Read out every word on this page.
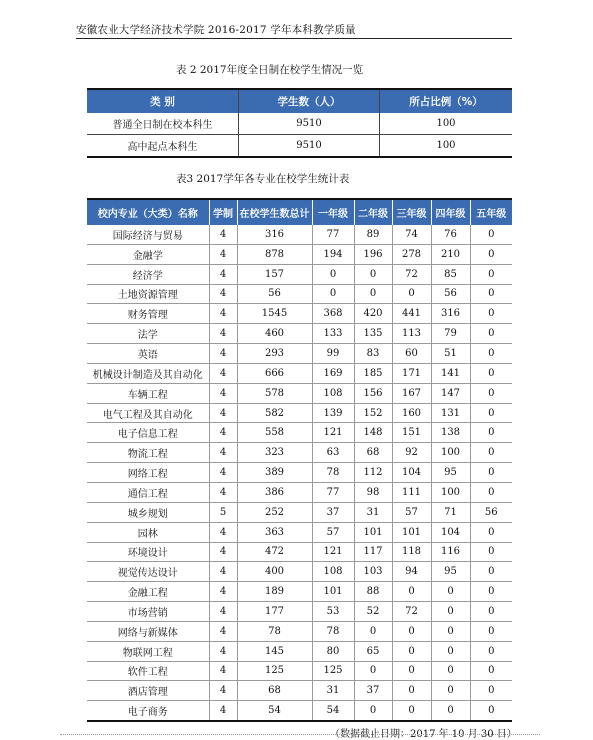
安徽农业大学经济技术学院 2016-2017 学年本科教学质量
表 2 2017年度全日制在校学生情况一览
类 别	学生数（人）	所占比例（%）
普通全日制在校本科生	9510	100
高中起点本科生	9510	100
表3 2017学年各专业在校学生统计表
校内专业（大类）名称	学制	在校学生数总计	一年级	二年级	三年级	四年级	五年级
国际经济与贸易	4	316	77	89	74	76	0
金融学	4	878	194	196	278	210	0
经济学	4	157	0	0	72	85	0
土地资源管理	4	56	0	0	0	56	0
财务管理	4	1545	368	420	441	316	0
法学	4	460	133	135	113	79	0
英语	4	293	99	83	60	51	0
机械设计制造及其自动化	4	666	169	185	171	141	0
车辆工程	4	578	108	156	167	147	0
电气工程及其自动化	4	582	139	152	160	131	0
电子信息工程	4	558	121	148	151	138	0
物流工程	4	323	63	68	92	100	0
网络工程	4	389	78	112	104	95	0
通信工程	4	386	77	98	111	100	0
城乡规划	5	252	37	31	57	71	56
园林	4	363	57	101	101	104	0
环境设计	4	472	121	117	118	116	0
视觉传达设计	4	400	108	103	94	95	0
金融工程	4	189	101	88	0	0	0
市场营销	4	177	53	52	72	0	0
网络与新媒体	4	78	78	0	0	0	0
物联网工程	4	145	80	65	0	0	0
软件工程	4	125	125	0	0	0	0
酒店管理	4	68	31	37	0	0	0
电子商务	4	54	54	0	0	0	0
（数据截止日期：2017 年 10 月 30 日）
